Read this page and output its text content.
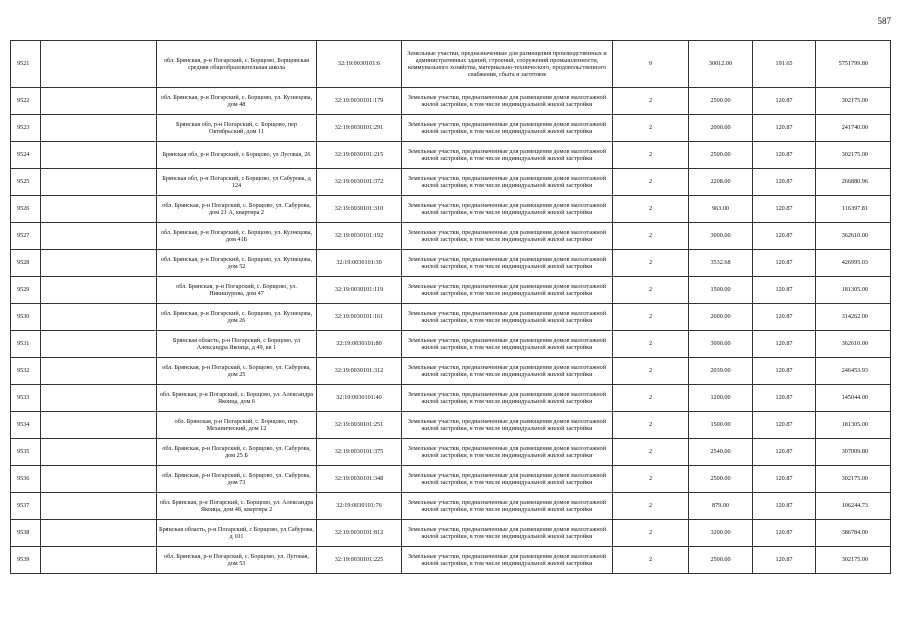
587
9521		обл. Брянская, р-н Погарский, с. Борщово, Борщовская средняя общеобразовательная школа	32:19:0030101:6	Земельные участки, предназначенные для размещения производственных и административных зданий, строений, сооружений промышленности, коммунального хозяйства, материально-технического, продовольственного снабжения, сбыта и заготовок	9	30012.00	191.65	5751799.80
9522		обл. Брянская, р-н Погарский, с. Борщово, ул. Кузнецова, дом 48	32:19:0030101:179	Земельные участки, предназначенные для размещения домов малоэтажной жилой застройки, в том числе индивидуальной жилой застройки	2	2500.00	120.87	302175.00
9523		Брянская обл, р-н Погарский, с. Борщово, пер Октябрьский, дом 11	32:19:0030101:291	Земельные участки, предназначенные для размещения домов малоэтажной жилой застройки, в том числе индивидуальной жилой застройки	2	2000.00	120.87	241740.00
9524		Брянская обл, р-н Погарский, с Борщово, ул Луговая, 26	32:19:0030101:215	Земельные участки, предназначенные для размещения домов малоэтажной жилой застройки, в том числе индивидуальной жилой застройки	2	2500.00	120.87	302175.00
9525		Брянская обл, р-н Погарский, с Борщово, ул Сабурова, д 124	32:19:0030101:372	Земельные участки, предназначенные для размещения домов малоэтажной жилой застройки, в том числе индивидуальной жилой застройки	2	2208.00	120.87	266880.96
9526		обл. Брянская, р-н Погарский, с. Борщово, ул. Сабурова, дом 21 А, квартира 2	32:19:0030101:310	Земельные участки, предназначенные для размещения домов малоэтажной жилой застройки, в том числе индивидуальной жилой застройки	2	963.00	120.87	116397.81
9527		обл. Брянская, р-н Погарский, с. Борщово, ул. Кузнецова, дом 41Б	32:19:0030101:192	Земельные участки, предназначенные для размещения домов малоэтажной жилой застройки, в том числе индивидуальной жилой застройки	2	3000.00	120.87	362610.00
9528		обл. Брянская, р-н Погарский, с. Борщово, ул. Кузнецова, дом 52	32:19:0030101:30	Земельные участки, предназначенные для размещения домов малоэтажной жилой застройки, в том числе индивидуальной жилой застройки	2	3532.68	120.87	426995.03
9529		обл. Брянская, р-н Погарский, с. Борщово, ул. Никишурова, дом 47	32:19:0030101:119	Земельные участки, предназначенные для размещения домов малоэтажной жилой застройки, в том числе индивидуальной жилой застройки	2	1500.00	120.87	181305.00
9530		обл. Брянская, р-н Погарский, с. Борщово, ул. Кузнецова, дом 26	32:19:0030101:161	Земельные участки, предназначенные для размещения домов малоэтажной жилой застройки, в том числе индивидуальной жилой застройки	2	2600.00	120.87	314262.00
9531		Брянская область, р-н Погарский, с Борщово, ул Александра Якоица, д 49, кв 1	32:19:0030101:80	Земельные участки, предназначенные для размещения домов малоэтажной жилой застройки, в том числе индивидуальной жилой застройки	2	3000.00	120.87	362610.00
9532		обл. Брянская, р-н Погарский, с. Борщово, ул. Сабурова, дом 25	32:19:0030101:312	Земельные участки, предназначенные для размещения домов малоэтажной жилой застройки, в том числе индивидуальной жилой застройки	2	2039.00	120.87	246453.93
9533		обл. Брянская, р-н Погарский, с. Борщово, ул. Александра Якоица, дом 6	32:19:0030101:40	Земельные участки, предназначенные для размещения домов малоэтажной жилой застройки, в том числе индивидуальной жилой застройки	2	1200.00	120.87	145044.00
9534		обл. Брянская, р-н Погарский, с. Борщово, пер. Механический, дом 12	32:19:0030101:251	Земельные участки, предназначенные для размещения домов малоэтажной жилой застройки, в том числе индивидуальной жилой застройки	2	1500.00	120.87	181305.00
9535		обл. Брянская, р-н Погарский, с. Борщово, ул. Сабурова, дом 25 Б	32:19:0030101:375	Земельные участки, предназначенные для размещения домов малоэтажной жилой застройки, в том числе индивидуальной жилой застройки	2	2540.00	120.87	307009.80
9536		обл. Брянская, р-н Погарский, с. Борщово, ул. Сабурова, дом 73	32:19:0030101:348	Земельные участки, предназначенные для размещения домов малоэтажной жилой застройки, в том числе индивидуальной жилой застройки	2	2500.00	120.87	302175.00
9537		обл. Брянская, р-н Погарский, с. Борщово, ул. Александра Якоица, дом 48, квартира 2	32:19:0030101:76	Земельные участки, предназначенные для размещения домов малоэтажной жилой застройки, в том числе индивидуальной жилой застройки	2	879.00	120.87	106244.73
9538		Брянская область, р-н Погарский, с Борщово, ул Сабурова, д 101	32:19:0030101:812	Земельные участки, предназначенные для размещения домов малоэтажной жилой застройки, в том числе индивидуальной жилой застройки	2	3200.00	120.87	386784.00
9539		обл. Брянская, р-н Погарский, с. Борщово, ул. Луговая, дом 53	32:19:0030101:225	Земельные участки, предназначенные для размещения домов малоэтажной жилой застройки, в том числе индивидуальной жилой застройки	2	2500.00	120.87	302175.00
